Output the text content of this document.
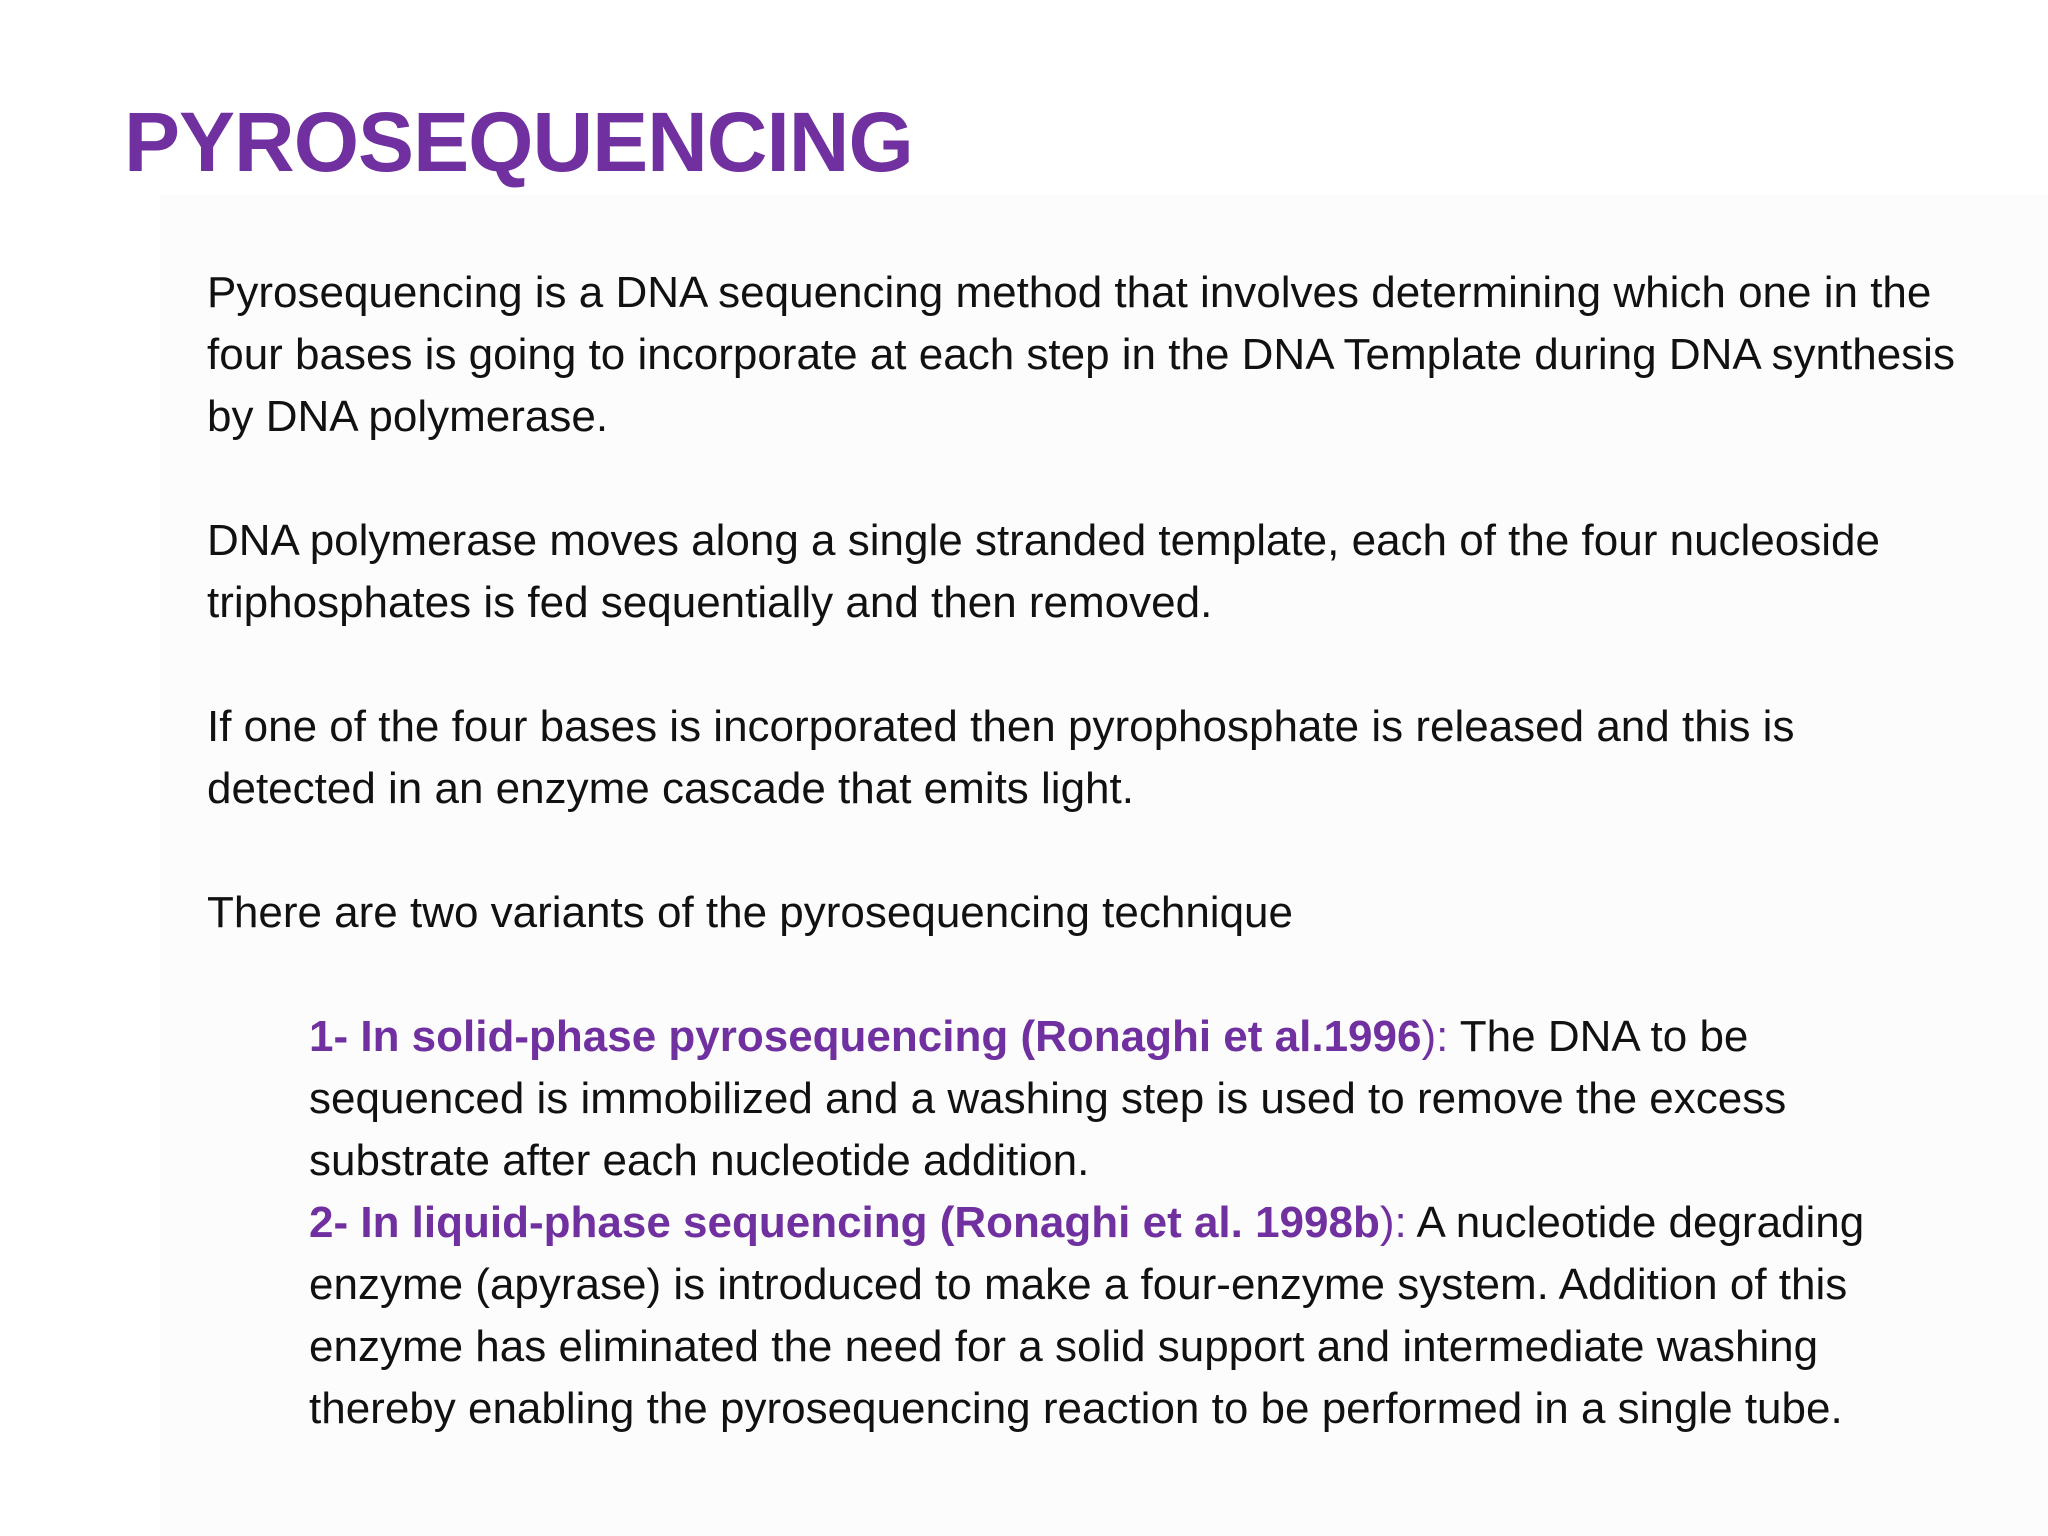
PYROSEQUENCING

Pyrosequencing is a DNA sequencing method that involves determining which one in the four bases is going to incorporate at each step in the DNA Template during DNA synthesis by DNA polymerase.

DNA polymerase moves along a single stranded template, each of the four nucleoside triphosphates is fed sequentially and then removed.

If one of the four bases is incorporated then pyrophosphate is released and this is detected in an enzyme cascade that emits light.

There are two variants of the pyrosequencing technique

1- In solid-phase pyrosequencing (Ronaghi et al.1996): The DNA to be sequenced is immobilized and a washing step is used to remove the excess substrate after each nucleotide addition.

2- In liquid-phase sequencing (Ronaghi et al. 1998b): A nucleotide degrading enzyme (apyrase) is introduced to make a four-enzyme system. Addition of this enzyme has eliminated the need for a solid support and intermediate washing thereby enabling the pyrosequencing reaction to be performed in a single tube.
